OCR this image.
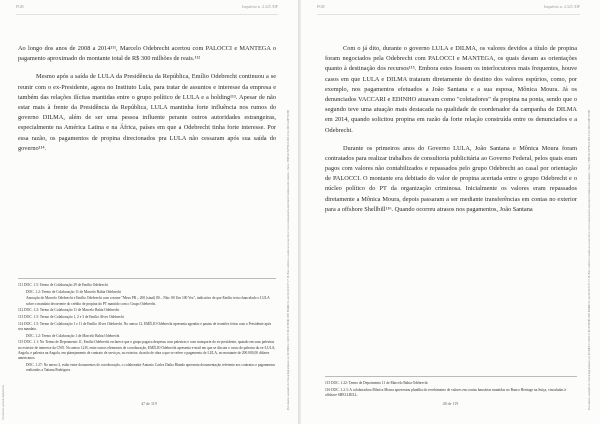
PGR	Inquérito n. 4.325 /DF

Ao longo dos anos de 2008 a 2014¹¹¹, Marcelo Odebrecht acertou com PALOCCI e MANTEGA o pagamento aproximado do montante total de R$ 300 milhões de reais.¹¹²

Mesmo após a saída de LULA da Presidência da República, Emílio Odebrecht continuou a se reunir com o ex-Presidente, agora no Instituto Lula, para tratar de assuntos e interesse da empresa e também das relações ilícitas mantidas entre o grupo político de LULA e a holding¹¹³. Apesar de não estar mais à frente da Presidência da República, LULA mantinha forte influência nos rumos do governo DILMA, além de ser uma pessoa influente perante outros autoridades estrangeiras, especialmente na América Latina e na África, países em que a Odebrecht tinha forte interesse. Por essa razão, os pagamentos de propina direcionados pra LULA não cessaram após sua saída do governo¹¹⁴.

111 DOC. 1.5: Termo de Colaboração 29 de Emílio Odebrecht
DOC. 1.2: Termo de Colaboração 11 de Marcelo Bahia Odebrecht
Anotação de Marcelo Odebrecht e Emílio Odebrecht com o nome "Meus PR – 200 (sinal) 80 – Não: 80 Um 100 Vez", indicativo de que Emílio teria chancelado o LULA sobre o mandato decorrente do crédito de propina do PT mantido com o Grupo Odebrecht.
112 DOC. 1.2: Termo de Colaboração 11 de Marcelo Bahia Odebrecht
113 DOC. 1.5: Termo de Colaboração 1, 2 e 3 de Emílio Alves Odebrecht
114 DOC. 1.5: Termo de Colaboração 1 e 11 de Emílio Alves Odebrecht. No anexo 12, EMÍLIO Odebrecht apresenta agendas e pautas de reuniões feitas com o Presidente após seu mandato.
DOC. 1.2: Termo de Colaboração 1 de Marcelo Bahia Odebrecht
115 DOC. 1.1: No Termo de Depoimento 11, Emílio Odebrecht esclarece que o grupo pagava despesas com palestras e com transporte do ex-presidente, quando em suas palestras no exterior de interesse da CNO. No anexo 12.B, entre outros elementos de corroboração, EMÍLIO Odebrecht apresenta e-mail em que se discute o custo de palestra do ex-LULA, Angola, e palestra na Angola, em planejamento de contrato de serviços, no exterior, da mão de obra a que se refere o pagamento de LULA, no montante de 200.000,00 dólares americanos.
DOC. 1.27: No anexo 2, estão entre documentos de corroboração, o colaborador Antonio Carlos Daiha Blando apresenta documentação referente aos contratos e pagamentos realizados a Tatiana Rodrigues.
47 de 119	Documento assinado via Token digitalmente por RODRIGO JANOT MONTEIRO DE BARROS, em 04/04/2017 17:18. Para verificar a assinatura acesse http://www.transparencia.mpf.mp.br/validacaodocumento. Chave C88E14C8.F7D2A1D2.21AC5D01.49F74C8B
Documento assinado digitalmente
PGR	Inquérito n. 4.325 /DF

Com o já dito, durante o governo LULA e DILMA, os valores devidos a título de propina foram negociados pela Odebrecht com PALOCCI e MANTEGA, os quais davam as orientações quanto à destinação dos recursos¹¹⁵. Embora estes fossem os interlocutores mais frequentes, houve casos em que LULA e DILMA trataram diretamente do destino dos valores espúrios, como, por exemplo, nos pagamentos efetuados a João Santana e a sua esposa, Mônica Moura. Já os denunciados VACCARI e EDINHO atuavam como "coletadores" da propina na ponta, sendo que o segundo teve uma atuação mais destacada na qualidade de coordenador da campanha de DILMA em 2014, quando solicitou propina em razão da forte relação construída entre os denunciados e a Odebrecht.

Durante os primeiros anos do Governo LULA, João Santana e Mônica Moura foram contratados para realizar trabalhos de consultoria publicitária ao Governo Federal, pelos quais eram pagos com valores não contabilizados e repassados pelo grupo Odebrecht ao casal por orientação de PALOCCI. O montante era debitado do valor de propina acertada entre o grupo Odebrecht e o núcleo político do PT da organização criminosa. Inicialmente os valores eram repassados diretamente a Mônica Moura, depois passaram a ser mediante transferências em contas no exterior para a offshore Shellbill¹¹⁶. Quando ocorreu atrasos nos pagamentos, João Santana

115 DOC. 1.22: Termo de Depoimento 11 de Marcelo Bahia Odebrecht
116 DOC. 1.2.3: A colaboradora Mônica Moura apresentou planilha do recebimento de valores em contas bancárias mantidas no Banco Heritage na Suíça, vinculadas à offshore SHELLBILL.
48 de 119	Documento assinado via Token digitalmente por RODRIGO JANOT MONTEIRO DE BARROS, em 04/04/2017 17:18. Para verificar a assinatura acesse http://www.transparencia.mpf.mp.br/validacaodocumento. Chave C88E14C8.F7D2A1D2.21AC5D01.49F74C8B
